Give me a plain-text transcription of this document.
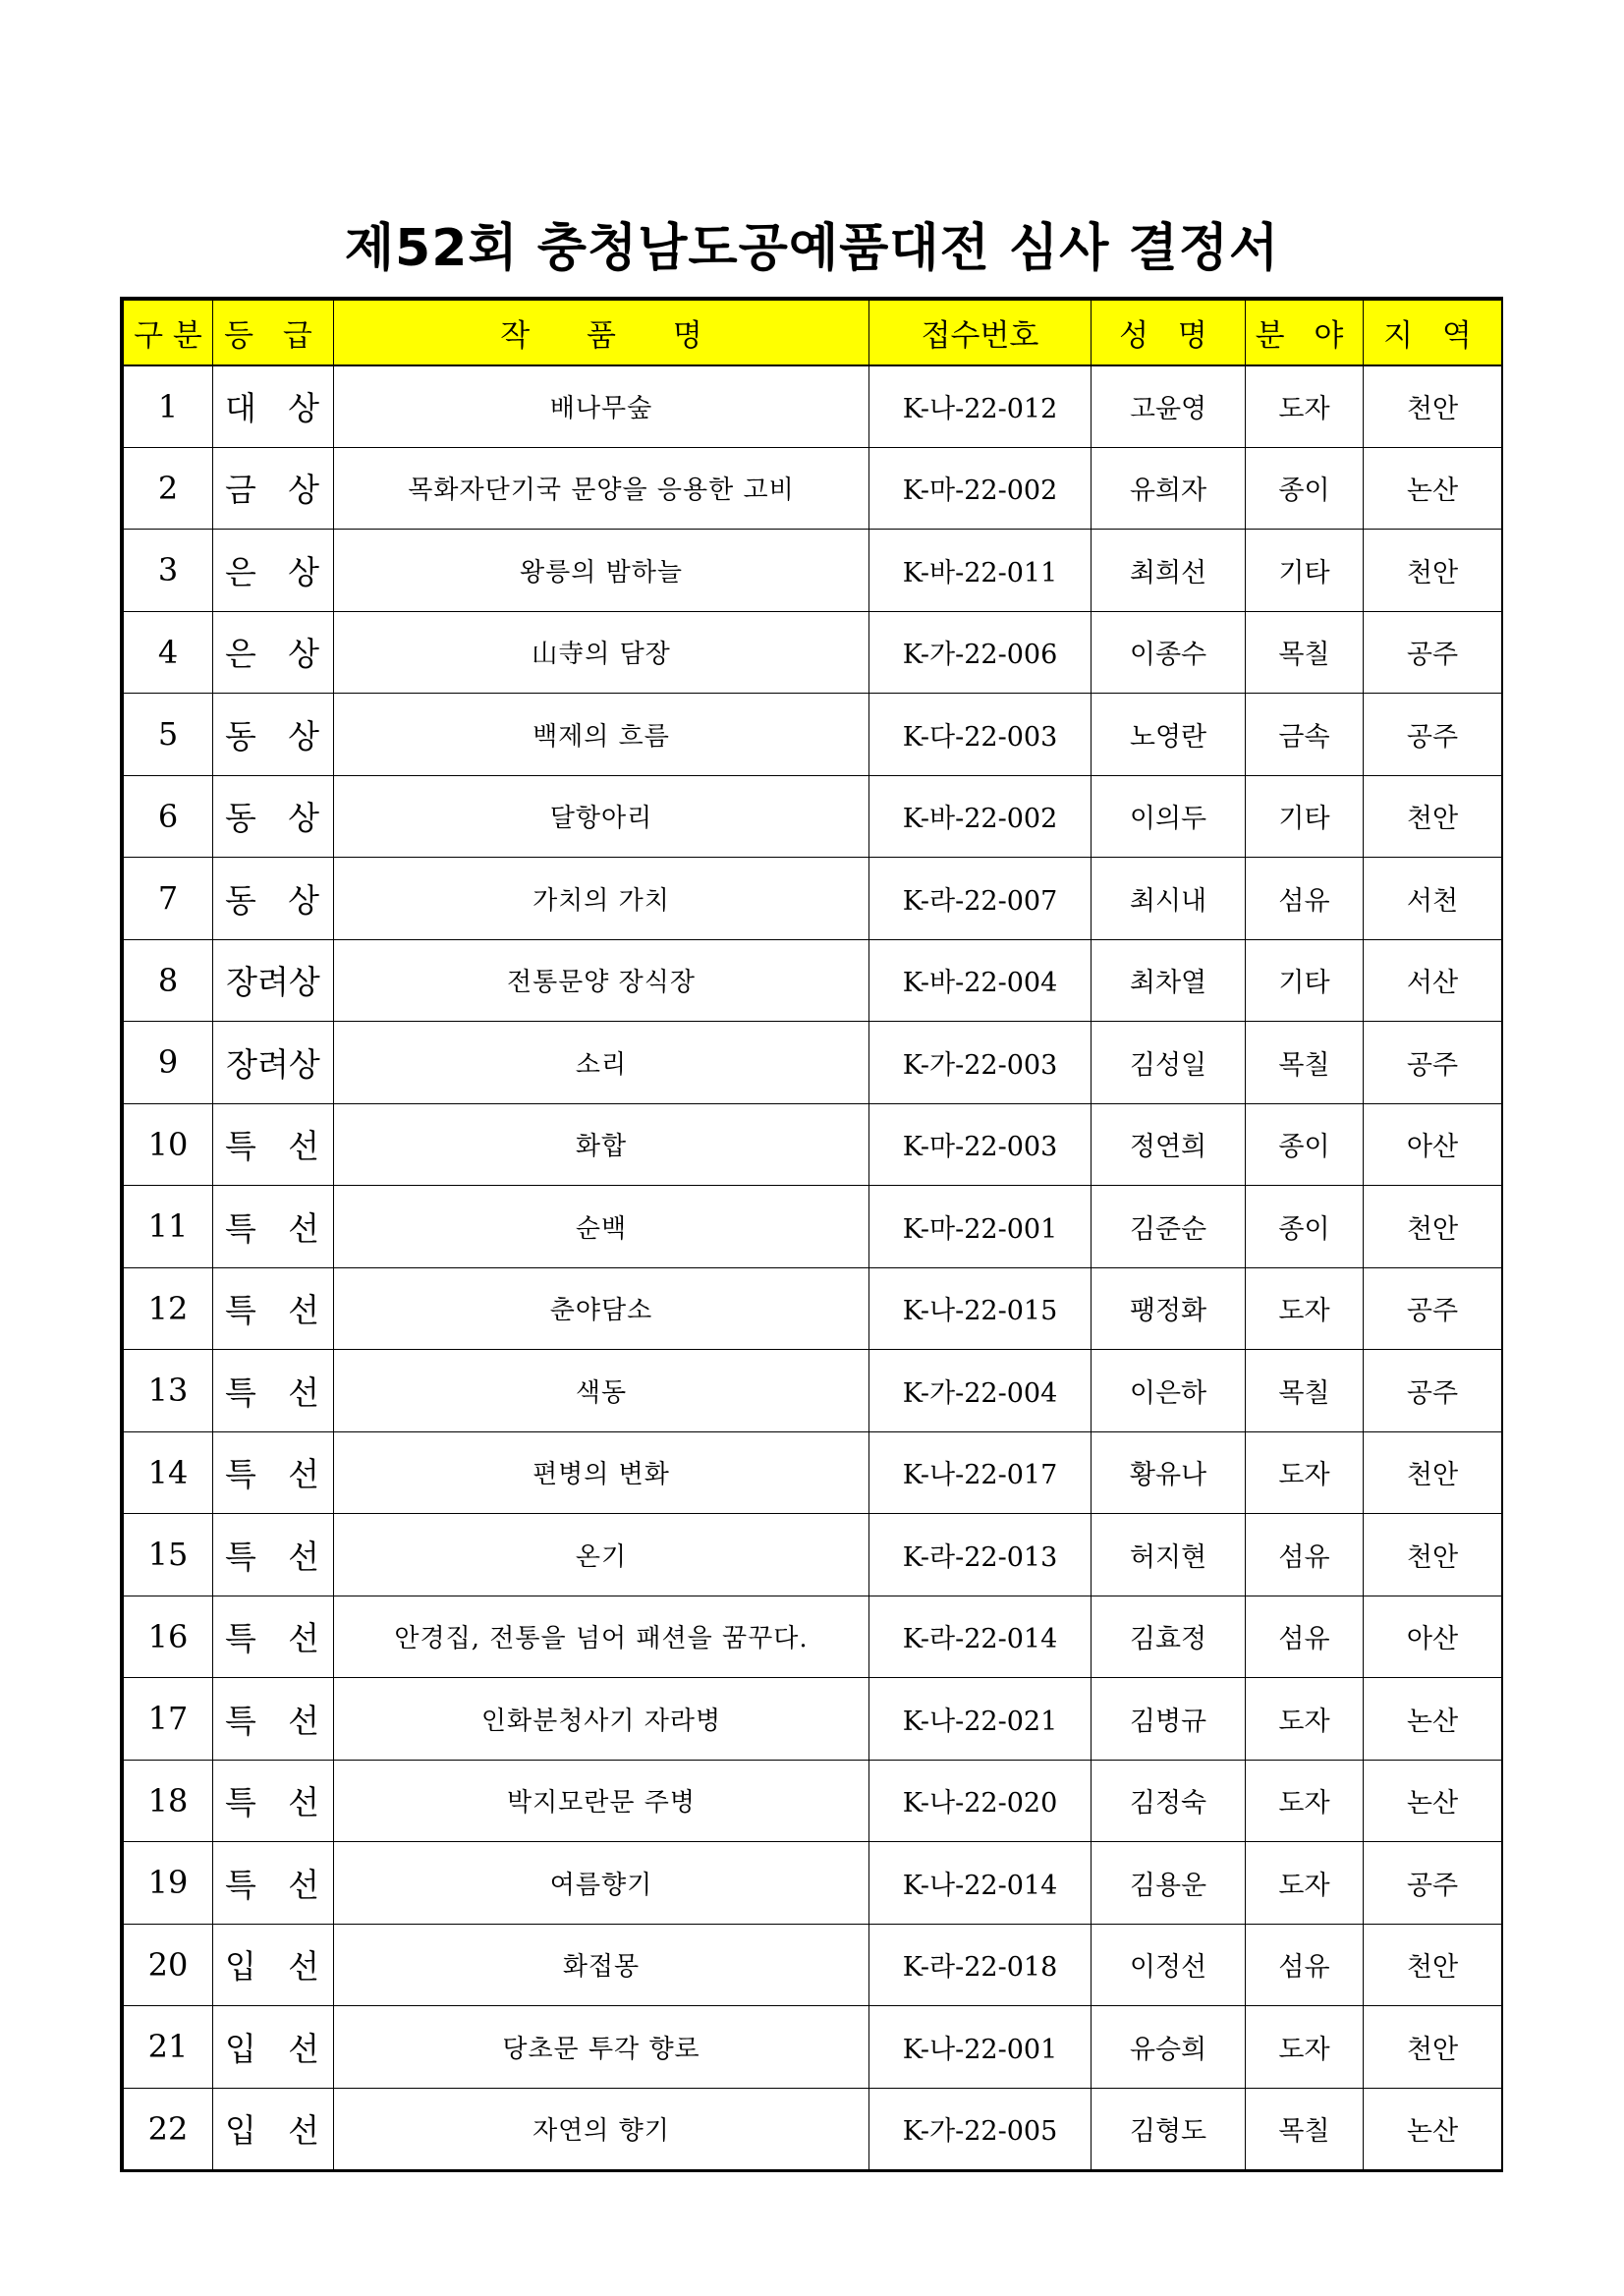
제52회 충청남도공예품대전 심사 결정서
구 분	등 급	작 품 명	접수번호	성 명	분 야	지 역
1	대 상	배나무숲	K-나-22-012	고윤영	도자	천안
2	금 상	목화자단기국 문양을 응용한 고비	K-마-22-002	유희자	종이	논산
3	은 상	왕릉의 밤하늘	K-바-22-011	최희선	기타	천안
4	은 상	山寺의 담장	K-가-22-006	이종수	목칠	공주
5	동 상	백제의 흐름	K-다-22-003	노영란	금속	공주
6	동 상	달항아리	K-바-22-002	이의두	기타	천안
7	동 상	가치의 가치	K-라-22-007	최시내	섬유	서천
8	장려상	전통문양 장식장	K-바-22-004	최차열	기타	서산
9	장려상	소리	K-가-22-003	김성일	목칠	공주
10	특 선	화합	K-마-22-003	정연희	종이	아산
11	특 선	순백	K-마-22-001	김준순	종이	천안
12	특 선	춘야담소	K-나-22-015	팽정화	도자	공주
13	특 선	색동	K-가-22-004	이은하	목칠	공주
14	특 선	편병의 변화	K-나-22-017	황유나	도자	천안
15	특 선	온기	K-라-22-013	허지현	섬유	천안
16	특 선	안경집, 전통을 넘어 패션을 꿈꾸다.	K-라-22-014	김효정	섬유	아산
17	특 선	인화분청사기 자라병	K-나-22-021	김병규	도자	논산
18	특 선	박지모란문 주병	K-나-22-020	김정숙	도자	논산
19	특 선	여름향기	K-나-22-014	김용운	도자	공주
20	입 선	화접몽	K-라-22-018	이정선	섬유	천안
21	입 선	당초문 투각 향로	K-나-22-001	유승희	도자	천안
22	입 선	자연의 향기	K-가-22-005	김형도	목칠	논산
